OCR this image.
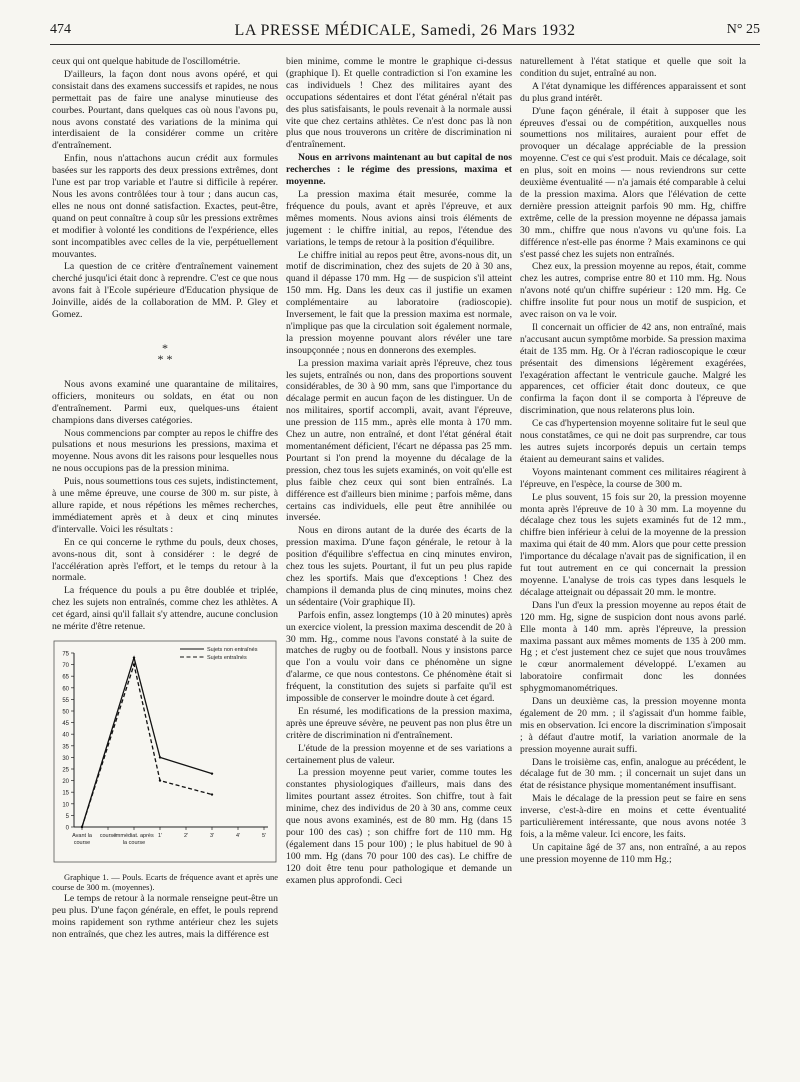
474	LA PRESSE MÉDICALE, Samedi, 26 Mars 1932	N° 25

ceux qui ont quelque habitude de l'oscillométrie.

D'ailleurs, la façon dont nous avons opéré, et qui consistait dans des examens successifs et rapides, ne nous permettait pas de faire une analyse minutieuse des courbes. Pourtant, dans quelques cas où nous l'avons pu, nous avons constaté des variations de la minima qui interdisaient de la considérer comme un critère d'entraînement.

Enfin, nous n'attachons aucun crédit aux formules basées sur les rapports des deux pressions extrêmes, dont l'une est par trop variable et l'autre si difficile à repérer. Nous les avons contrôlées tour à tour ; dans aucun cas, elles ne nous ont donné satisfaction. Exactes, peut-être, quand on peut connaître à coup sûr les pressions extrêmes et modifier à volonté les conditions de l'expérience, elles sont incompatibles avec celles de la vie, perpétuellement mouvantes.

La question de ce critère d'entraînement vainement cherché jusqu'ici était donc à reprendre. C'est ce que nous avons fait à l'Ecole supérieure d'Education physique de Joinville, aidés de la collaboration de MM. P. Gley et Gomez.

*
* *

Nous avons examiné une quarantaine de militaires, officiers, moniteurs ou soldats, en état ou non d'entraînement. Parmi eux, quelques-uns étaient champions dans diverses catégories.

Nous commencions par compter au repos le chiffre des pulsations et nous mesurions les pressions, maxima et moyenne. Nous avons dit les raisons pour lesquelles nous ne nous occupions pas de la pression minima.

Puis, nous soumettions tous ces sujets, indistinctement, à une même épreuve, une course de 300 m. sur piste, à allure rapide, et nous répétions les mêmes recherches, immédiatement après et à deux et cinq minutes d'intervalle. Voici les résultats :

En ce qui concerne le rythme du pouls, deux choses, avons-nous dit, sont à considérer : le degré de l'accélération après l'effort, et le temps du retour à la normale.

La fréquence du pouls a pu être doublée et triplée, chez les sujets non entraînés, comme chez les athlètes. A cet égard, ainsi qu'il fallait s'y attendre, aucune conclusion ne mérite d'être retenue.

0
5
10
15
20
25
30
35
40
45
50
55
60
65
70
75
Avant la
course
course
Immédiat. après
la course
1'	2'	3'	4'	5'
Sujets non entraînés
Sujets entraînés

Graphique 1. — Pouls. Ecarts de fréquence avant et après une course de 300 m. (moyennes).

Le temps de retour à la normale renseigne peut-être un peu plus. D'une façon générale, en effet, le pouls reprend moins rapidement son rythme antérieur chez les sujets non entraînés, que chez les autres, mais la différence est

bien minime, comme le montre le graphique ci-dessus (graphique I). Et quelle contradiction si l'on examine les cas individuels ! Chez des militaires ayant des occupations sédentaires et dont l'état général n'était pas des plus satisfaisants, le pouls revenait à la normale aussi vite que chez certains athlètes. Ce n'est donc pas là non plus que nous trouverons un critère de discrimination ni d'entraînement.

Nous en arrivons maintenant au but capital de nos recherches : le régime des pressions, maxima et moyenne.

La pression maxima était mesurée, comme la fréquence du pouls, avant et après l'épreuve, et aux mêmes moments. Nous avions ainsi trois éléments de jugement : le chiffre initial, au repos, l'étendue des variations, le temps de retour à la position d'équilibre.

Le chiffre initial au repos peut être, avons-nous dit, un motif de discrimination, chez des sujets de 20 à 30 ans, quand il dépasse 170 mm. Hg — de suspicion s'il atteint 150 mm. Hg. Dans les deux cas il justifie un examen complémentaire au laboratoire (radioscopie). Inversement, le fait que la pression maxima est normale, n'implique pas que la circulation soit également normale, la pression moyenne pouvant alors révéler une tare insoupçonnée ; nous en donnerons des exemples.

La pression maxima variait après l'épreuve, chez tous les sujets, entraînés ou non, dans des proportions souvent considérables, de 30 à 90 mm, sans que l'importance du décalage permit en aucun façon de les distinguer. Un de nos militaires, sportif accompli, avait, avant l'épreuve, une pression de 115 mm., après elle monta à 170 mm. Chez un autre, non entraîné, et dont l'état général était momentanément déficient, l'écart ne dépassa pas 25 mm. Pourtant si l'on prend la moyenne du décalage de la pression, chez tous les sujets examinés, on voit qu'elle est plus faible chez ceux qui sont bien entraînés. La différence est d'ailleurs bien minime ; parfois même, dans certains cas individuels, elle peut être annihilée ou inversée.

Nous en dirons autant de la durée des écarts de la pression maxima. D'une façon générale, le retour à la position d'équilibre s'effectua en cinq minutes environ, chez tous les sujets. Pourtant, il fut un peu plus rapide chez les sportifs. Mais que d'exceptions ! Chez des champions il demanda plus de cinq minutes, moins chez un sédentaire (Voir graphique II).

Parfois enfin, assez longtemps (10 à 20 minutes) après un exercice violent, la pression maxima descendit de 20 à 30 mm. Hg., comme nous l'avons constaté à la suite de matches de rugby ou de football. Nous y insistons parce que l'on a voulu voir dans ce phénomène un signe d'alarme, ce que nous contestons. Ce phénomène était si fréquent, la constitution des sujets si parfaite qu'il est impossible de conserver le moindre doute à cet égard.

En résumé, les modifications de la pression maxima, après une épreuve sévère, ne peuvent pas non plus être un critère de discrimination ni d'entraînement.

L'étude de la pression moyenne et de ses variations a certainement plus de valeur.

La pression moyenne peut varier, comme toutes les constantes physiologiques d'ailleurs, mais dans des limites pourtant assez étroites. Son chiffre, tout à fait minime, chez des individus de 20 à 30 ans, comme ceux que nous avons examinés, est de 80 mm. Hg (dans 15 pour 100 des cas) ; son chiffre fort de 110 mm. Hg (également dans 15 pour 100) ; le plus habituel de 90 à 100 mm. Hg (dans 70 pour 100 des cas). Le chiffre de 120 doit être tenu pour pathologique et demande un examen plus approfondi. Ceci

naturellement à l'état statique et quelle que soit la condition du sujet, entraîné au non.

A l'état dynamique les différences apparaissent et sont du plus grand intérêt.

D'une façon générale, il était à supposer que les épreuves d'essai ou de compétition, auxquelles nous soumettions nos militaires, auraient pour effet de provoquer un décalage appréciable de la pression moyenne. C'est ce qui s'est produit. Mais ce décalage, soit en plus, soit en moins — nous reviendrons sur cette deuxième éventualité — n'a jamais été comparable à celui de la pression maxima. Alors que l'élévation de cette dernière pression atteignit parfois 90 mm. Hg, chiffre extrême, celle de la pression moyenne ne dépassa jamais 30 mm., chiffre que nous n'avons vu qu'une fois. La différence n'est-elle pas énorme ? Mais examinons ce qui s'est passé chez les sujets non entraînés.

Chez eux, la pression moyenne au repos, était, comme chez les autres, comprise entre 80 et 110 mm. Hg. Nous n'avons noté qu'un chiffre supérieur : 120 mm. Hg. Ce chiffre insolite fut pour nous un motif de suspicion, et avec raison on va le voir.

Il concernait un officier de 42 ans, non entraîné, mais n'accusant aucun symptôme morbide. Sa pression maxima était de 135 mm. Hg. Or à l'écran radioscopique le cœur présentait des dimensions légèrement exagérées, l'exagération affectant le ventricule gauche. Malgré les apparences, cet officier était donc douteux, ce que confirma la façon dont il se comporta à l'épreuve de discrimination, que nous relaterons plus loin.

Ce cas d'hypertension moyenne solitaire fut le seul que nous constatâmes, ce qui ne doit pas surprendre, car tous les autres sujets incorporés depuis un certain temps étaient au demeurant sains et valides.

Voyons maintenant comment ces militaires réagirent à l'épreuve, en l'espèce, la course de 300 m.

Le plus souvent, 15 fois sur 20, la pression moyenne monta après l'épreuve de 10 à 30 mm. La moyenne du décalage chez tous les sujets examinés fut de 12 mm., chiffre bien inférieur à celui de la moyenne de la pression maxima qui était de 40 mm. Alors que pour cette pression l'importance du décalage n'avait pas de signification, il en fut tout autrement en ce qui concernait la pression moyenne. L'analyse de trois cas types dans lesquels le décalage atteignait ou dépassait 20 mm. le montre.

Dans l'un d'eux la pression moyenne au repos était de 120 mm. Hg, signe de suspicion dont nous avons parlé. Elle monta à 140 mm. après l'épreuve, la pression maxima passant aux mêmes moments de 135 à 200 mm. Hg ; et c'est justement chez ce sujet que nous trouvâmes le cœur anormalement développé. L'examen au laboratoire confirmait donc les données sphygmomanométriques.

Dans un deuxième cas, la pression moyenne monta également de 20 mm. ; il s'agissait d'un homme faible, mis en observation. Ici encore la discrimination s'imposait ; à défaut d'autre motif, la variation anormale de la pression moyenne aurait suffi.

Dans le troisième cas, enfin, analogue au précédent, le décalage fut de 30 mm. ; il concernait un sujet dans un état de résistance physique momentanément insuffisant.

Mais le décalage de la pression peut se faire en sens inverse, c'est-à-dire en moins et cette éventualité particulièrement intéressante, que nous avons notée 3 fois, a la même valeur. Ici encore, les faits.

Un capitaine âgé de 37 ans, non entraîné, a au repos une pression moyenne de 110 mm Hg.;
